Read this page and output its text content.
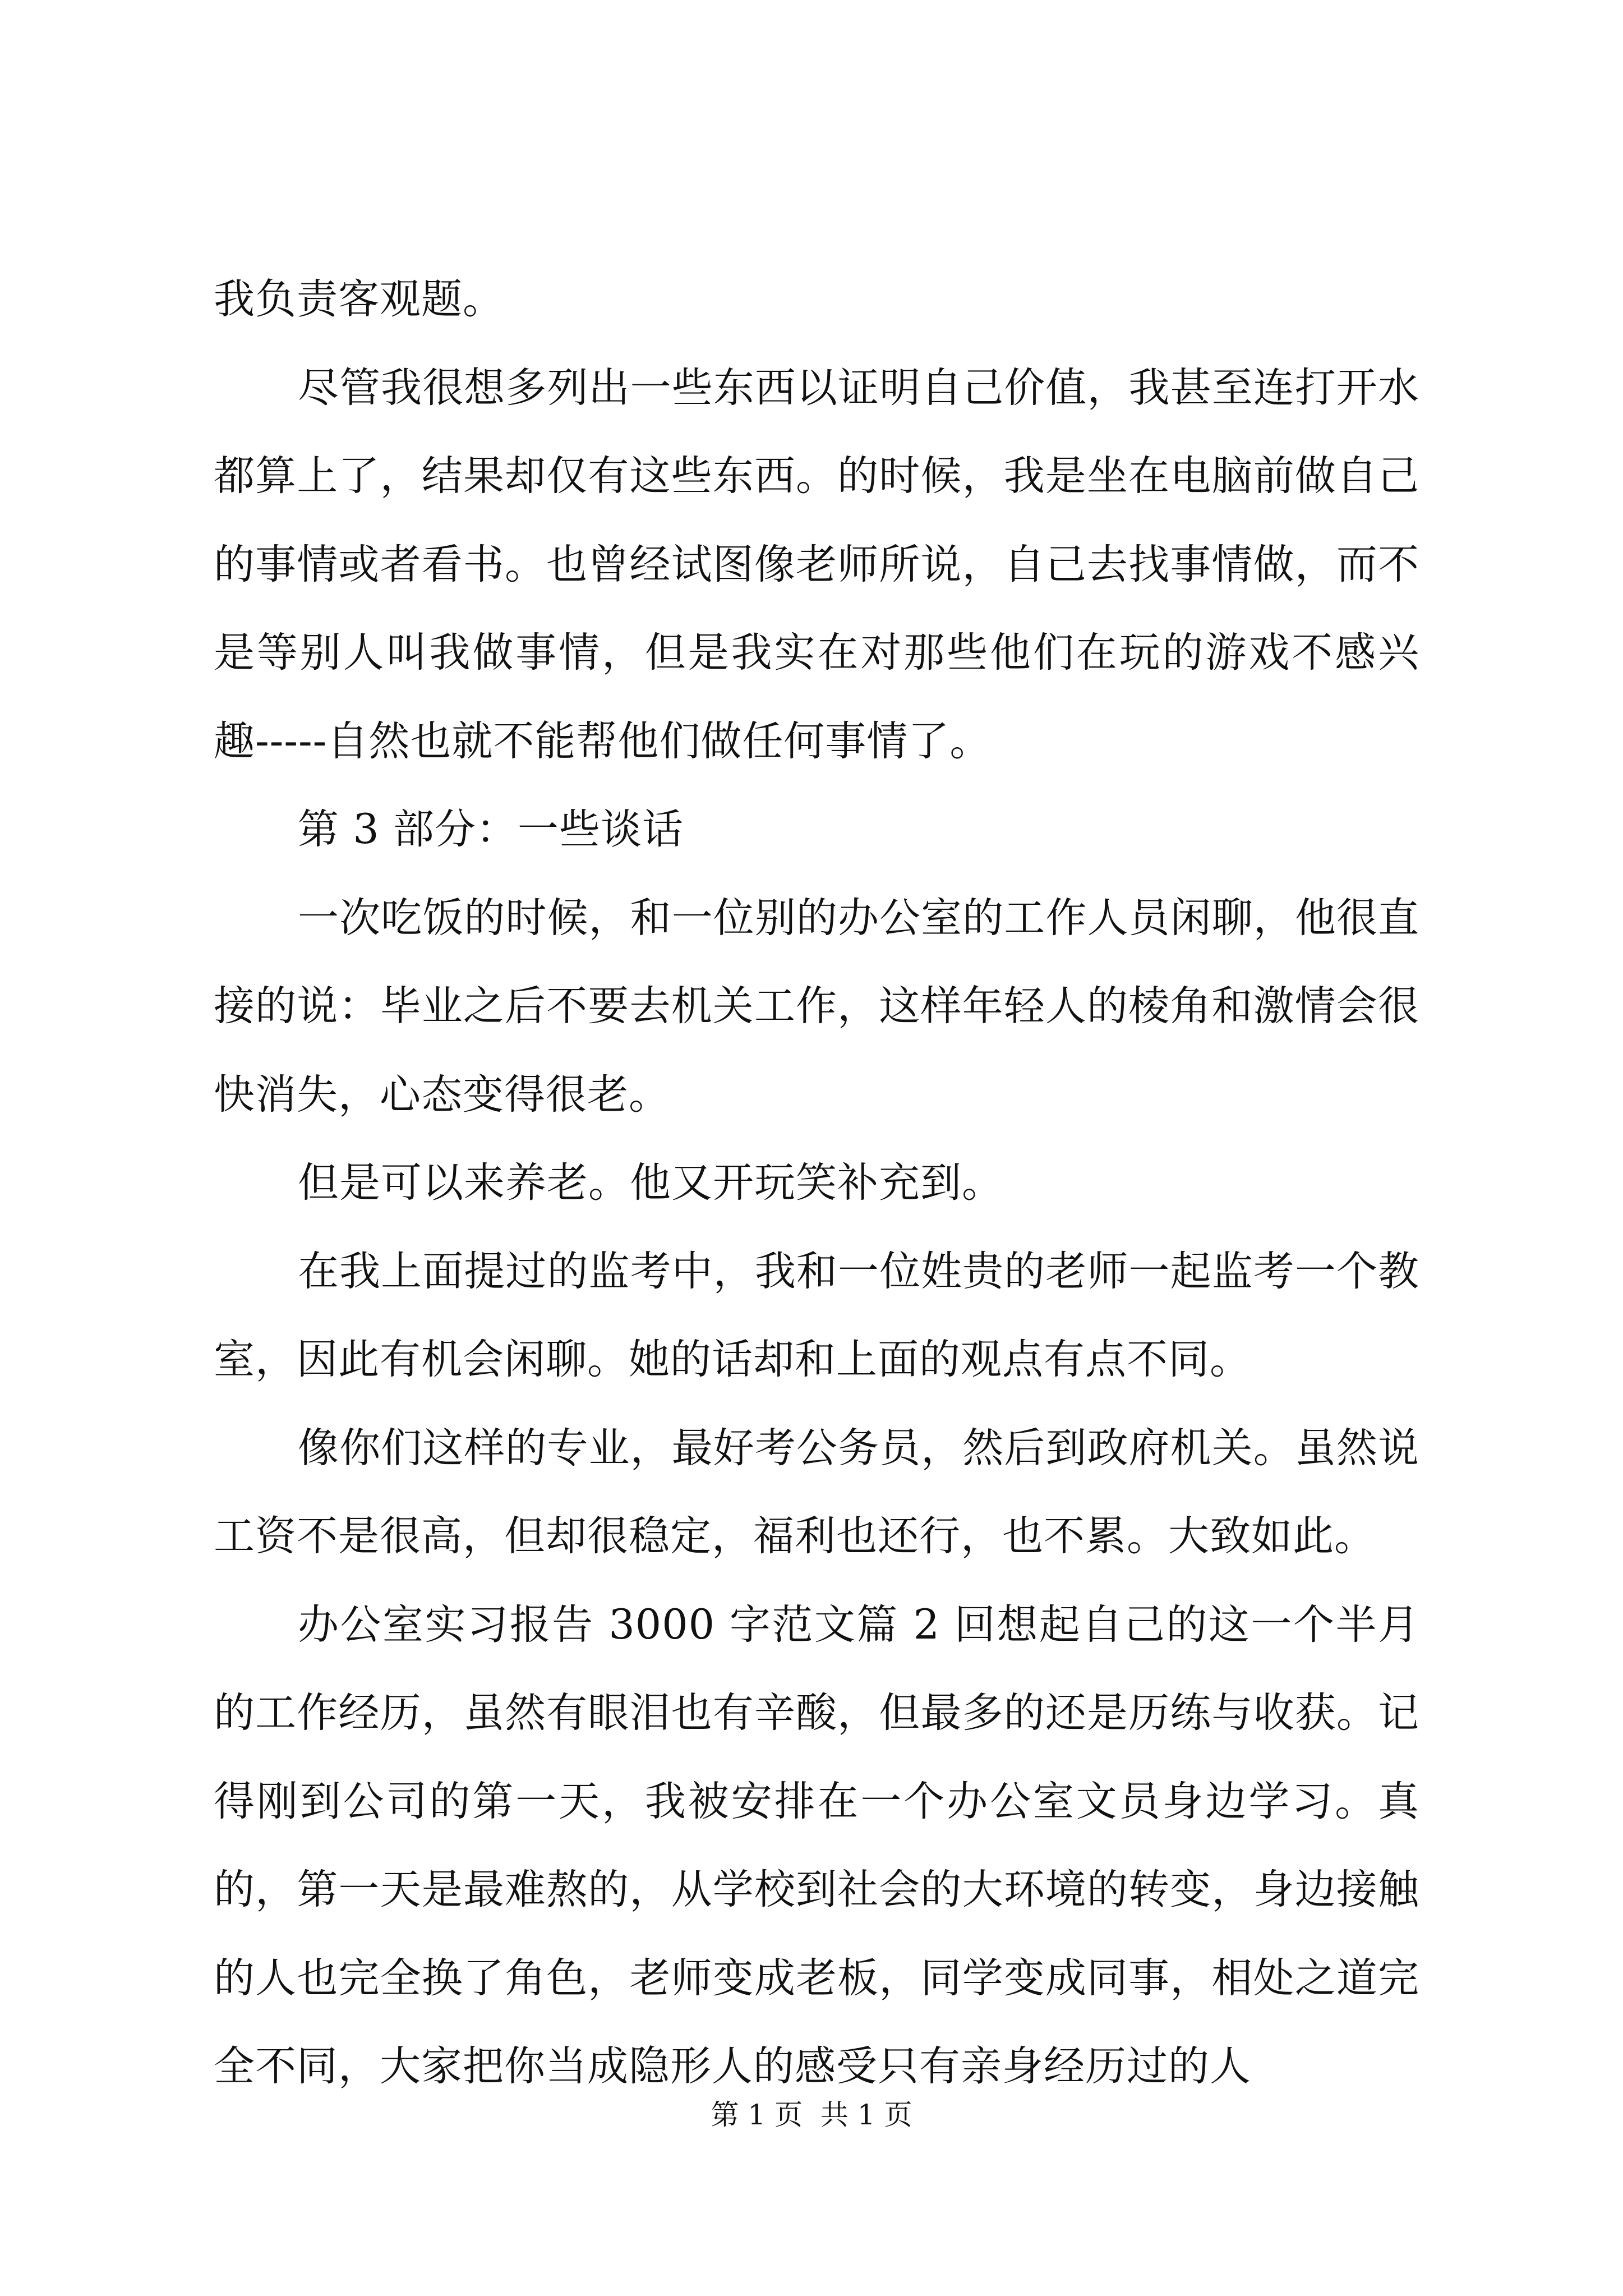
我负责客观题。

尽管我很想多列出一些东西以证明自己价值，我甚至连打开水都算上了，结果却仅有这些东西。的时候，我是坐在电脑前做自己的事情或者看书。也曾经试图像老师所说，自己去找事情做，而不是等别人叫我做事情，但是我实在对那些他们在玩的游戏不感兴趣-----自然也就不能帮他们做任何事情了。

第 3 部分：一些谈话

一次吃饭的时候，和一位别的办公室的工作人员闲聊，他很直接的说：毕业之后不要去机关工作，这样年轻人的棱角和激情会很快消失，心态变得很老。

但是可以来养老。他又开玩笑补充到。

在我上面提过的监考中，我和一位姓贵的老师一起监考一个教室，因此有机会闲聊。她的话却和上面的观点有点不同。

像你们这样的专业，最好考公务员，然后到政府机关。虽然说工资不是很高，但却很稳定，福利也还行，也不累。大致如此。

办公室实习报告 3000 字范文篇 2 回想起自己的这一个半月的工作经历，虽然有眼泪也有辛酸，但最多的还是历练与收获。记得刚到公司的第一天，我被安排在一个办公室文员身边学习。真的，第一天是最难熬的，从学校到社会的大环境的转变，身边接触的人也完全换了角色，老师变成老板，同学变成同事，相处之道完全不同，大家把你当成隐形人的感受只有亲身经历过的人

第 1 页  共 1 页
